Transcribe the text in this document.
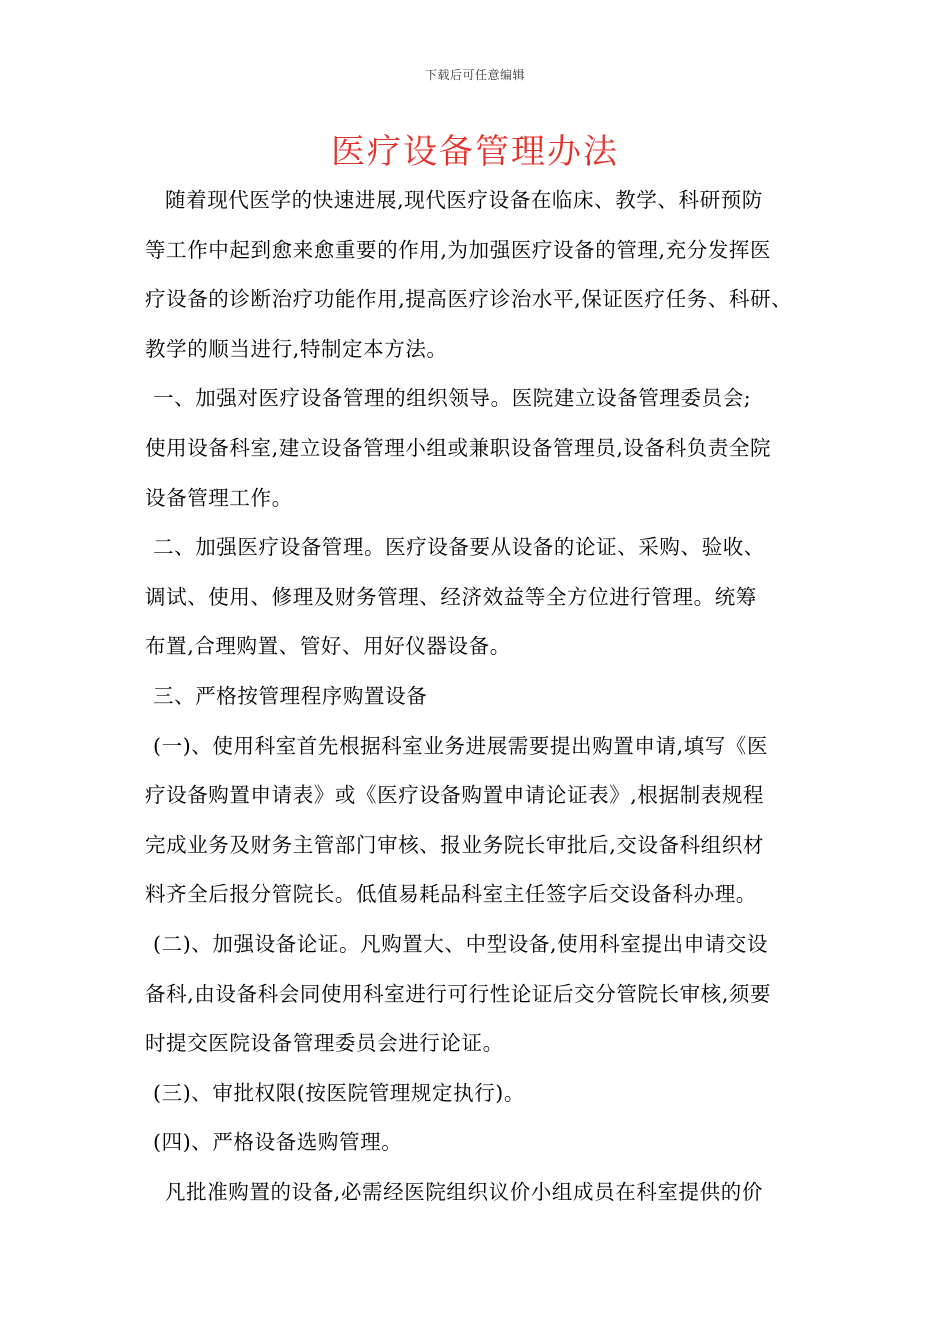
下载后可任意编辑
医疗设备管理办法
随着现代医学的快速进展,现代医疗设备在临床、教学、科研预防
等工作中起到愈来愈重要的作用,为加强医疗设备的管理,充分发挥医
疗设备的诊断治疗功能作用,提高医疗诊治水平,保证医疗任务、科研、
教学的顺当进行,特制定本方法。
一、加强对医疗设备管理的组织领导。医院建立设备管理委员会;
使用设备科室,建立设备管理小组或兼职设备管理员,设备科负责全院
设备管理工作。
二、加强医疗设备管理。医疗设备要从设备的论证、采购、验收、
调试、使用、修理及财务管理、经济效益等全方位进行管理。统筹
布置,合理购置、管好、用好仪器设备。
三、严格按管理程序购置设备
(一)、使用科室首先根据科室业务进展需要提出购置申请,填写《医
疗设备购置申请表》或《医疗设备购置申请论证表》,根据制表规程
完成业务及财务主管部门审核、报业务院长审批后,交设备科组织材
料齐全后报分管院长。低值易耗品科室主任签字后交设备科办理。
(二)、加强设备论证。凡购置大、中型设备,使用科室提出申请交设
备科,由设备科会同使用科室进行可行性论证后交分管院长审核,须要
时提交医院设备管理委员会进行论证。
(三)、审批权限(按医院管理规定执行)。
(四)、严格设备选购管理。
凡批准购置的设备,必需经医院组织议价小组成员在科室提供的价
